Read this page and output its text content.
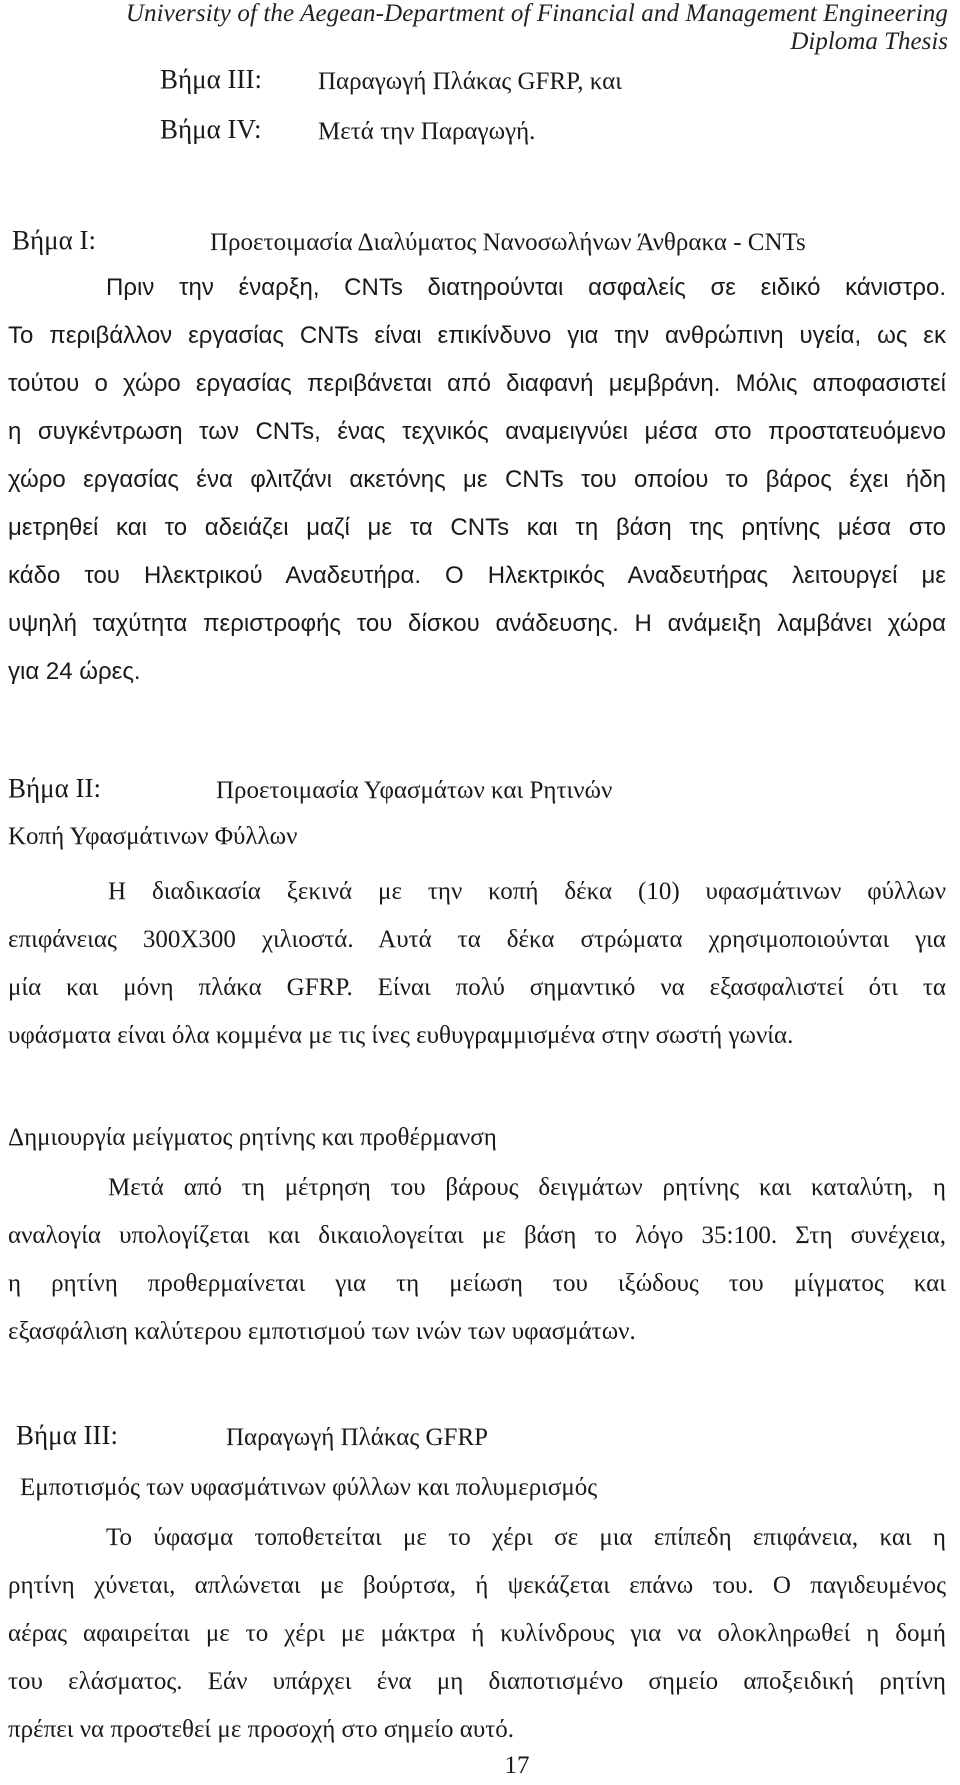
University of the Aegean-Department of Financial and Management Engineering
Diploma Thesis
Βήμα III: Παραγωγή Πλάκας GFRP, και
Βήμα IV: Μετά την Παραγωγή.
Βήμα I:	Προετοιμασία Διαλύματος Νανοσωλήνων Άνθρακα - CNTs
Πριν την έναρξη, CNTs διατηρούνται ασφαλείς σε ειδικό κάνιστρο.
Το περιβάλλον εργασίας CNTs είναι επικίνδυνο για την ανθρώπινη υγεία, ως εκ
τούτου ο χώρο εργασίας περιβάνεται από διαφανή μεμβράνη. Μόλις αποφασιστεί
η συγκέντρωση των CNTs, ένας τεχνικός αναμειγνύει μέσα στο προστατευόμενο
χώρο εργασίας ένα φλιτζάνι ακετόνης με CNTs του οποίου το βάρος έχει ήδη
μετρηθεί και το αδειάζει μαζί με τα CNTs και τη βάση της ρητίνης μέσα στο
κάδο του Ηλεκτρικού Αναδευτήρα. Ο Ηλεκτρικός Αναδευτήρας λειτουργεί με
υψηλή ταχύτητα περιστροφής του δίσκου ανάδευσης. Η ανάμειξη λαμβάνει χώρα
για 24 ώρες.
Βήμα II:	Προετοιμασία Υφασμάτων και Ρητινών
Κοπή Υφασμάτινων Φύλλων
Η διαδικασία ξεκινά με την κοπή δέκα (10) υφασμάτινων φύλλων
επιφάνειας 300Χ300 χιλιοστά. Αυτά τα δέκα στρώματα χρησιμοποιούνται για
μία και μόνη πλάκα GFRP. Είναι πολύ σημαντικό να εξασφαλιστεί ότι τα
υφάσματα είναι όλα κομμένα με τις ίνες ευθυγραμμισμένα στην σωστή γωνία.
Δημιουργία μείγματος ρητίνης και προθέρμανση
Μετά από τη μέτρηση του βάρους δειγμάτων ρητίνης και καταλύτη, η
αναλογία υπολογίζεται και δικαιολογείται με βάση το λόγο 35:100. Στη συνέχεια,
η ρητίνη προθερμαίνεται για τη μείωση του ιξώδους του μίγματος και
εξασφάλιση καλύτερου εμποτισμού των ινών των υφασμάτων.
Βήμα III:	Παραγωγή Πλάκας GFRP
Εμποτισμός των υφασμάτινων φύλλων και πολυμερισμός
Το ύφασμα τοποθετείται με το χέρι σε μια επίπεδη επιφάνεια, και η
ρητίνη χύνεται, απλώνεται με βούρτσα, ή ψεκάζεται επάνω του. Ο παγιδευμένος
αέρας αφαιρείται με το χέρι με μάκτρα ή κυλίνδρους για να ολοκληρωθεί η δομή
του ελάσματος. Εάν υπάρχει ένα μη διαποτισμένο σημείο αποξειδική ρητίνη
πρέπει να προστεθεί με προσοχή στο σημείο αυτό.
17
